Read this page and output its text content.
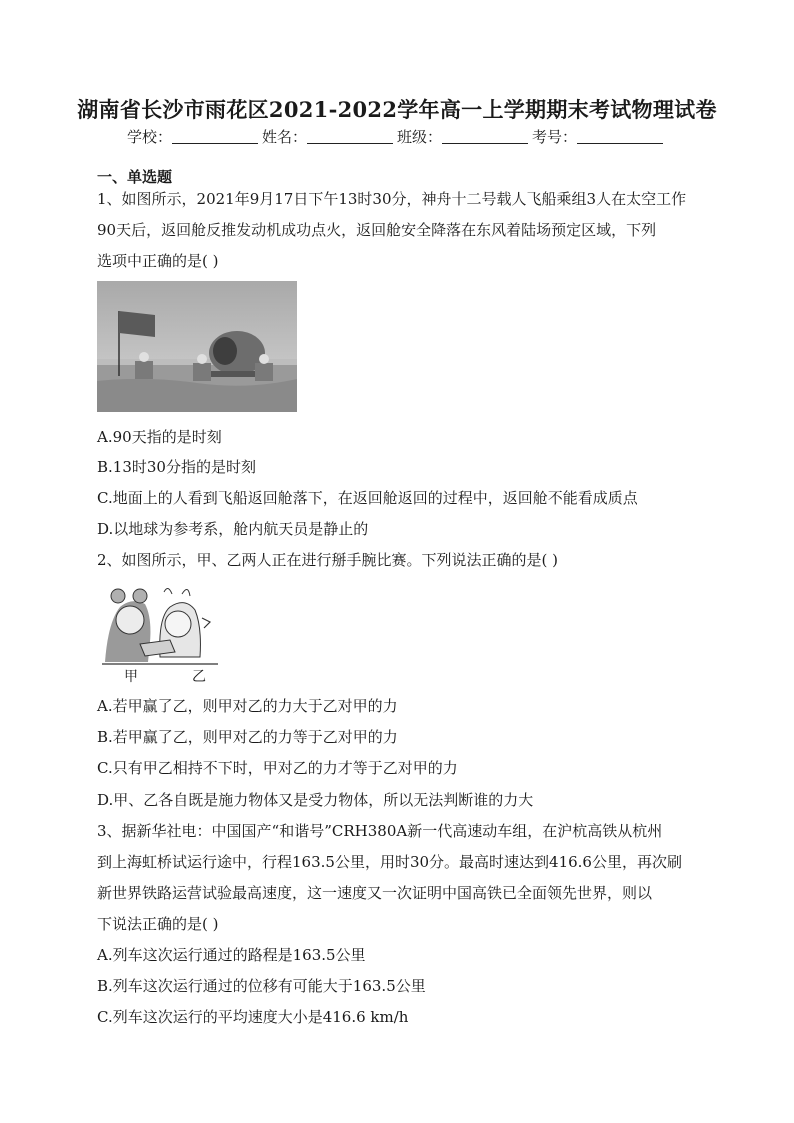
湖南省长沙市雨花区2021-2022学年高一上学期期末考试物理试卷
学校：	姓名：	班级：	考号：
一、单选题
1、如图所示，2021年9月17日下午13时30分，神舟十二号载人飞船乘组3人在太空工作
90天后，返回舱反推发动机成功点火，返回舱安全降落在东风着陆场预定区域，下列
选项中正确的是( )
A.90天指的是时刻
B.13时30分指的是时刻
C.地面上的人看到飞船返回舱落下，在返回舱返回的过程中，返回舱不能看成质点
D.以地球为参考系，舱内航天员是静止的
2、如图所示，甲、乙两人正在进行掰手腕比赛。下列说法正确的是( )
甲	乙
A.若甲赢了乙，则甲对乙的力大于乙对甲的力
B.若甲赢了乙，则甲对乙的力等于乙对甲的力
C.只有甲乙相持不下时，甲对乙的力才等于乙对甲的力
D.甲、乙各自既是施力物体又是受力物体，所以无法判断谁的力大
3、据新华社电：中国国产“和谐号”CRH380A新一代高速动车组，在沪杭高铁从杭州
到上海虹桥试运行途中，行程163.5公里，用时30分。最高时速达到416.6公里，再次刷
新世界铁路运营试验最高速度，这一速度又一次证明中国高铁已全面领先世界，则以
下说法正确的是( )
A.列车这次运行通过的路程是163.5公里
B.列车这次运行通过的位移有可能大于163.5公里
C.列车这次运行的平均速度大小是416.6 km/h
